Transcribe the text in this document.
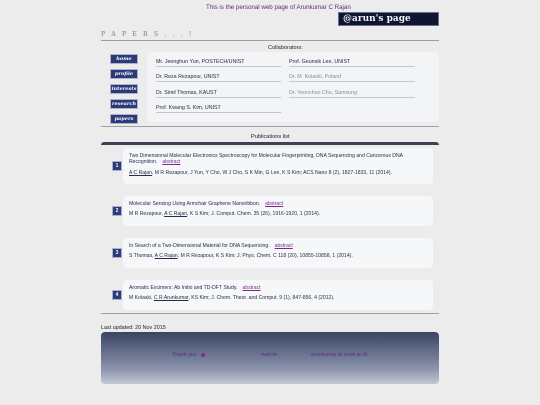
This is the personal web page of Arunkumar C Rajan
@arun's page
P A P E R S . . . !
Collaborators:
home
profile
interests
research
papers
Mr. Jeonghun Yun, POSTECH/UNIST
Dr. Reza Rezapour, UNIST
Dr. Simil Thomas, KAUST
Prof. Kwang S. Kim, UNIST
Prof. Geunsik Lee, UNIST
Dr. M. Kolaski, Poland
Dr. Yeonchoo Cho, Samsung
Publications list
1
Two Dimensional Molecular Electronics Spectroscopy for Molecular Fingerprinting, DNA Sequencing and Cancerous DNA Recognition. abstract
A C Rajan, M R Rezapour, J Yun, Y Cho, W J Cho, S K Min, G Lee, K S Kim; ACS Nano 8 (2), 1827-1833, 11 (2014).
2
Molecular Sensing Using Armchair Graphene Nanoribbon. abstract
M R Rezapour, A C Rajan, K S Kim; J. Comput. Chem. 35 (26), 1916-1920, 1 (2014).
3
In Search of a Two-Dimensional Material for DNA Sequencing. abstract
S Thomas, A C Rajan, M R Rezapour, K S Kim; J. Phys. Chem. C 118 (20), 10855-10858, 1 (2014).
4
Aromatic Excimers: Ab Initio and TD-DFT Study. abstract
M Kolaski, C R Arunkumar, KS Kim; J. Chem. Theor. and Comput. 9 (1), 847-856, 4 (2012).
Last updated: 20 Nov 2015
Thank you	mail-to	arunkumar at unist.ac.kr
